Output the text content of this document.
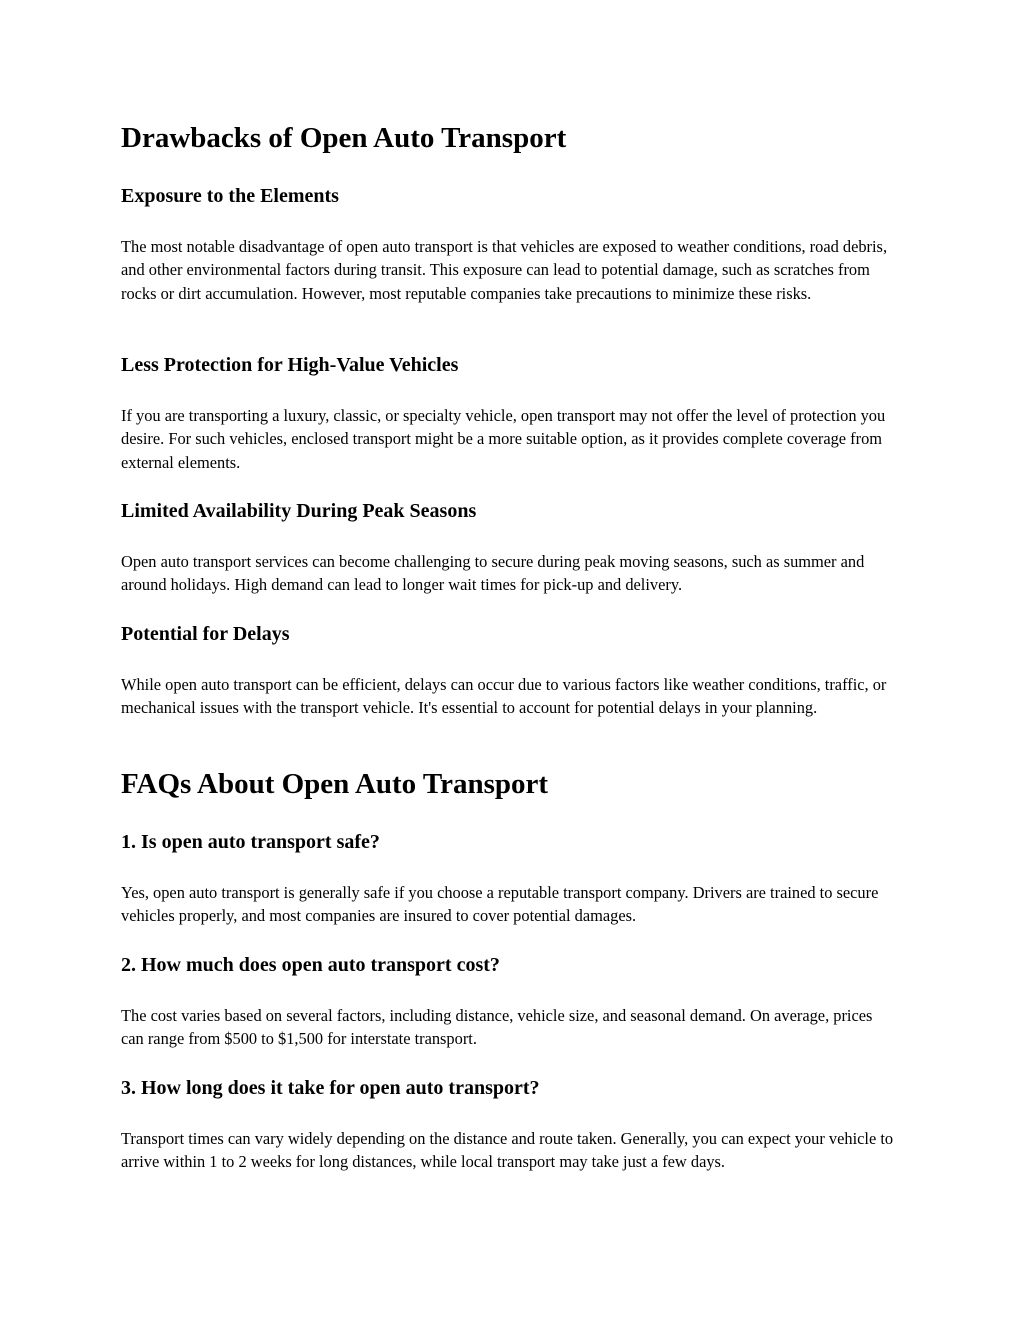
Drawbacks of Open Auto Transport
Exposure to the Elements

The most notable disadvantage of open auto transport is that vehicles are exposed to weather conditions, road debris, and other environmental factors during transit. This exposure can lead to potential damage, such as scratches from rocks or dirt accumulation. However, most reputable companies take precautions to minimize these risks.

Less Protection for High-Value Vehicles

If you are transporting a luxury, classic, or specialty vehicle, open transport may not offer the level of protection you desire. For such vehicles, enclosed transport might be a more suitable option, as it provides complete coverage from external elements.

Limited Availability During Peak Seasons

Open auto transport services can become challenging to secure during peak moving seasons, such as summer and around holidays. High demand can lead to longer wait times for pick-up and delivery.

Potential for Delays

While open auto transport can be efficient, delays can occur due to various factors like weather conditions, traffic, or mechanical issues with the transport vehicle. It's essential to account for potential delays in your planning.

FAQs About Open Auto Transport
1. Is open auto transport safe?

Yes, open auto transport is generally safe if you choose a reputable transport company. Drivers are trained to secure vehicles properly, and most companies are insured to cover potential damages.

2. How much does open auto transport cost?

The cost varies based on several factors, including distance, vehicle size, and seasonal demand. On average, prices can range from $500 to $1,500 for interstate transport.

3. How long does it take for open auto transport?

Transport times can vary widely depending on the distance and route taken. Generally, you can expect your vehicle to arrive within 1 to 2 weeks for long distances, while local transport may take just a few days.
